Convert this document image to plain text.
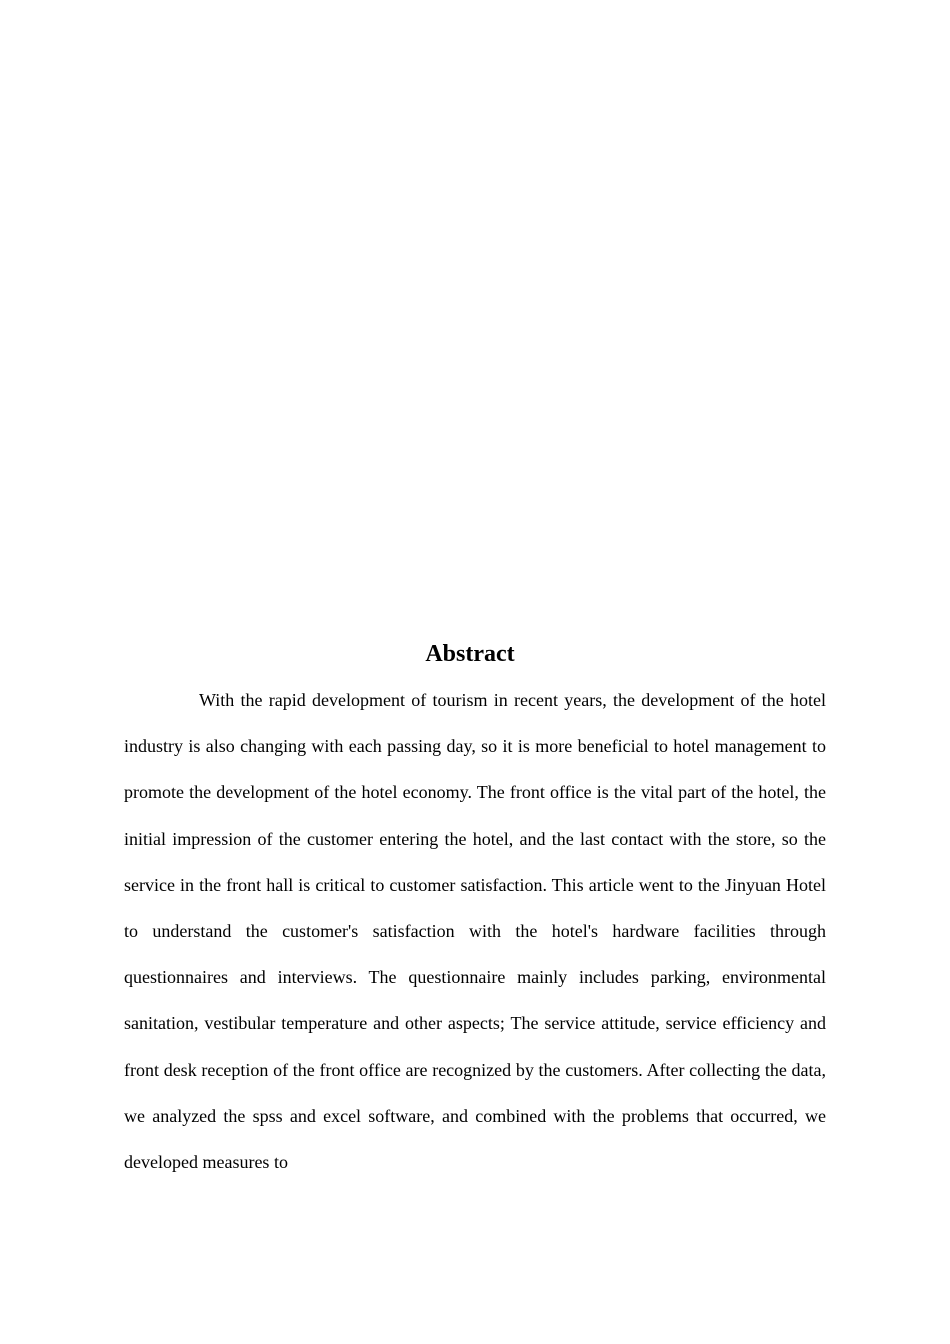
Abstract

With the rapid development of tourism in recent years, the development of the hotel industry is also changing with each passing day, so it is more beneficial to hotel management to promote the development of the hotel economy. The front office is the vital part of the hotel, the initial impression of the customer entering the hotel, and the last contact with the store, so the service in the front hall is critical to customer satisfaction. This article went to the Jinyuan Hotel to understand the customer's satisfaction with the hotel's hardware facilities through questionnaires and interviews. The questionnaire mainly includes parking, environmental sanitation, vestibular temperature and other aspects; The service attitude, service efficiency and front desk reception of the front office are recognized by the customers. After collecting the data, we analyzed the spss and excel software, and combined with the problems that occurred, we developed measures to
